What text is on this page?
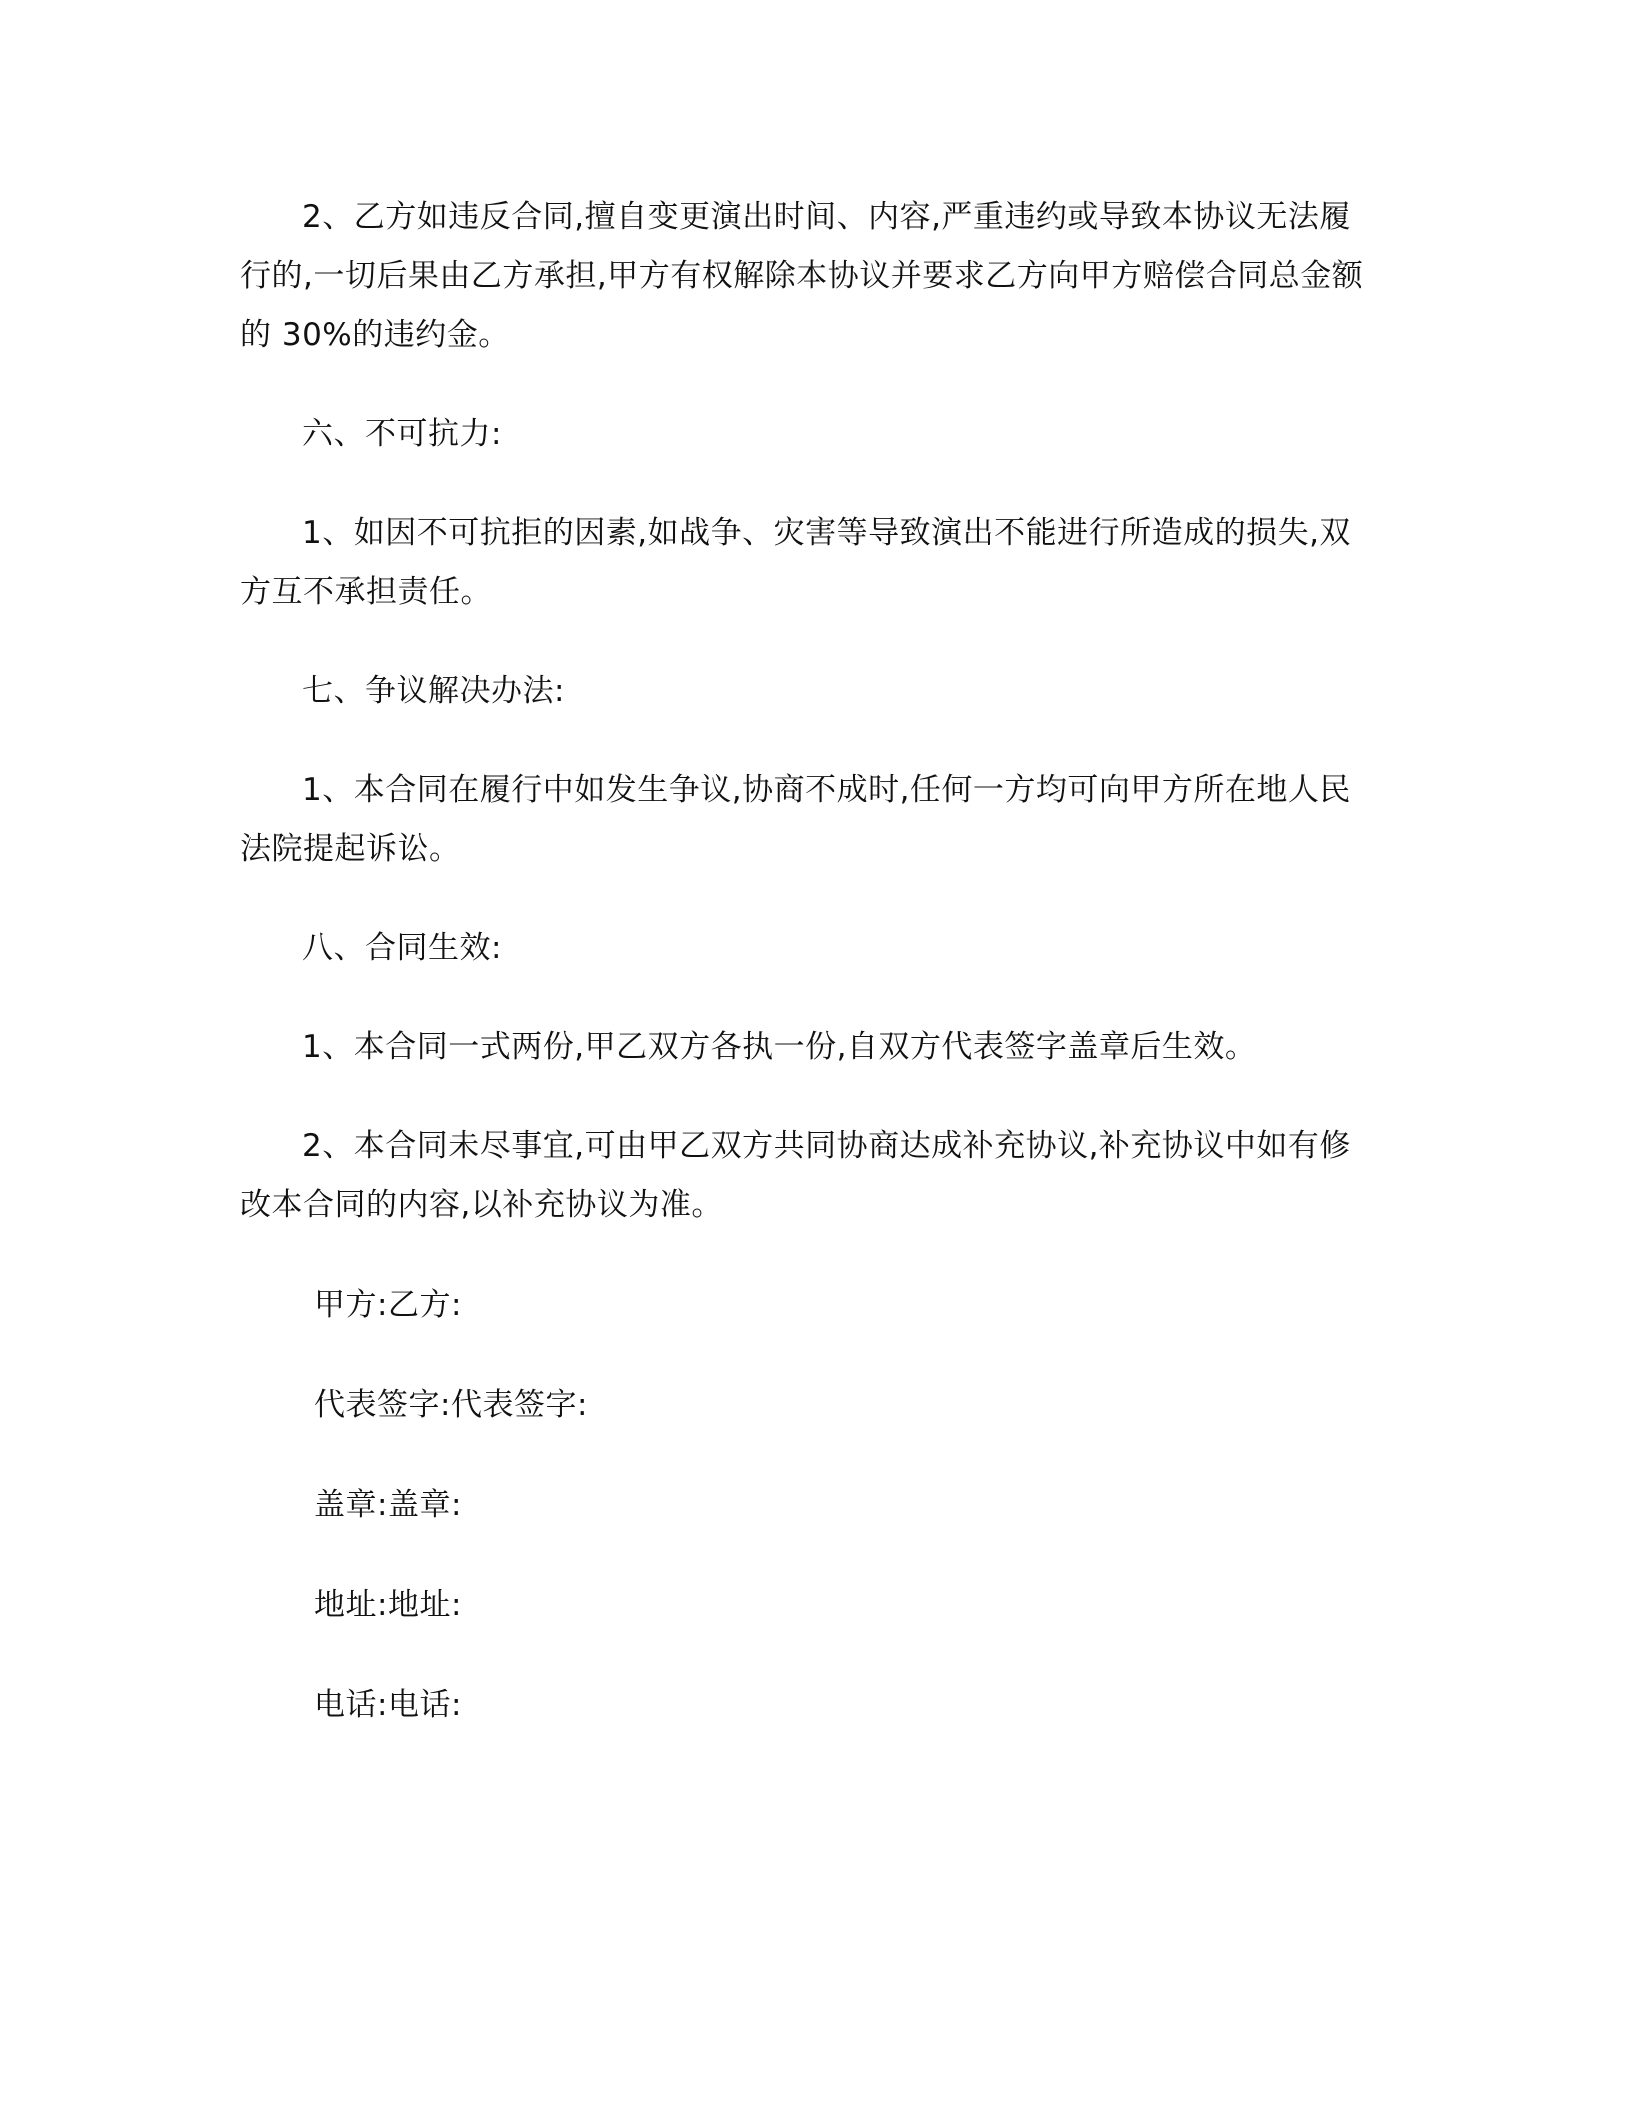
2、乙方如违反合同,擅自变更演出时间、内容,严重违约或导致本协议无法履行的,一切后果由乙方承担,甲方有权解除本协议并要求乙方向甲方赔偿合同总金额的 30%的违约金。

六、不可抗力:

1、如因不可抗拒的因素,如战争、灾害等导致演出不能进行所造成的损失,双方互不承担责任。

七、争议解决办法:

1、本合同在履行中如发生争议,协商不成时,任何一方均可向甲方所在地人民法院提起诉讼。

八、合同生效:

1、本合同一式两份,甲乙双方各执一份,自双方代表签字盖章后生效。

2、本合同未尽事宜,可由甲乙双方共同协商达成补充协议,补充协议中如有修改本合同的内容,以补充协议为准。

甲方:乙方:

代表签字:代表签字:

盖章:盖章:

地址:地址:

电话:电话:
